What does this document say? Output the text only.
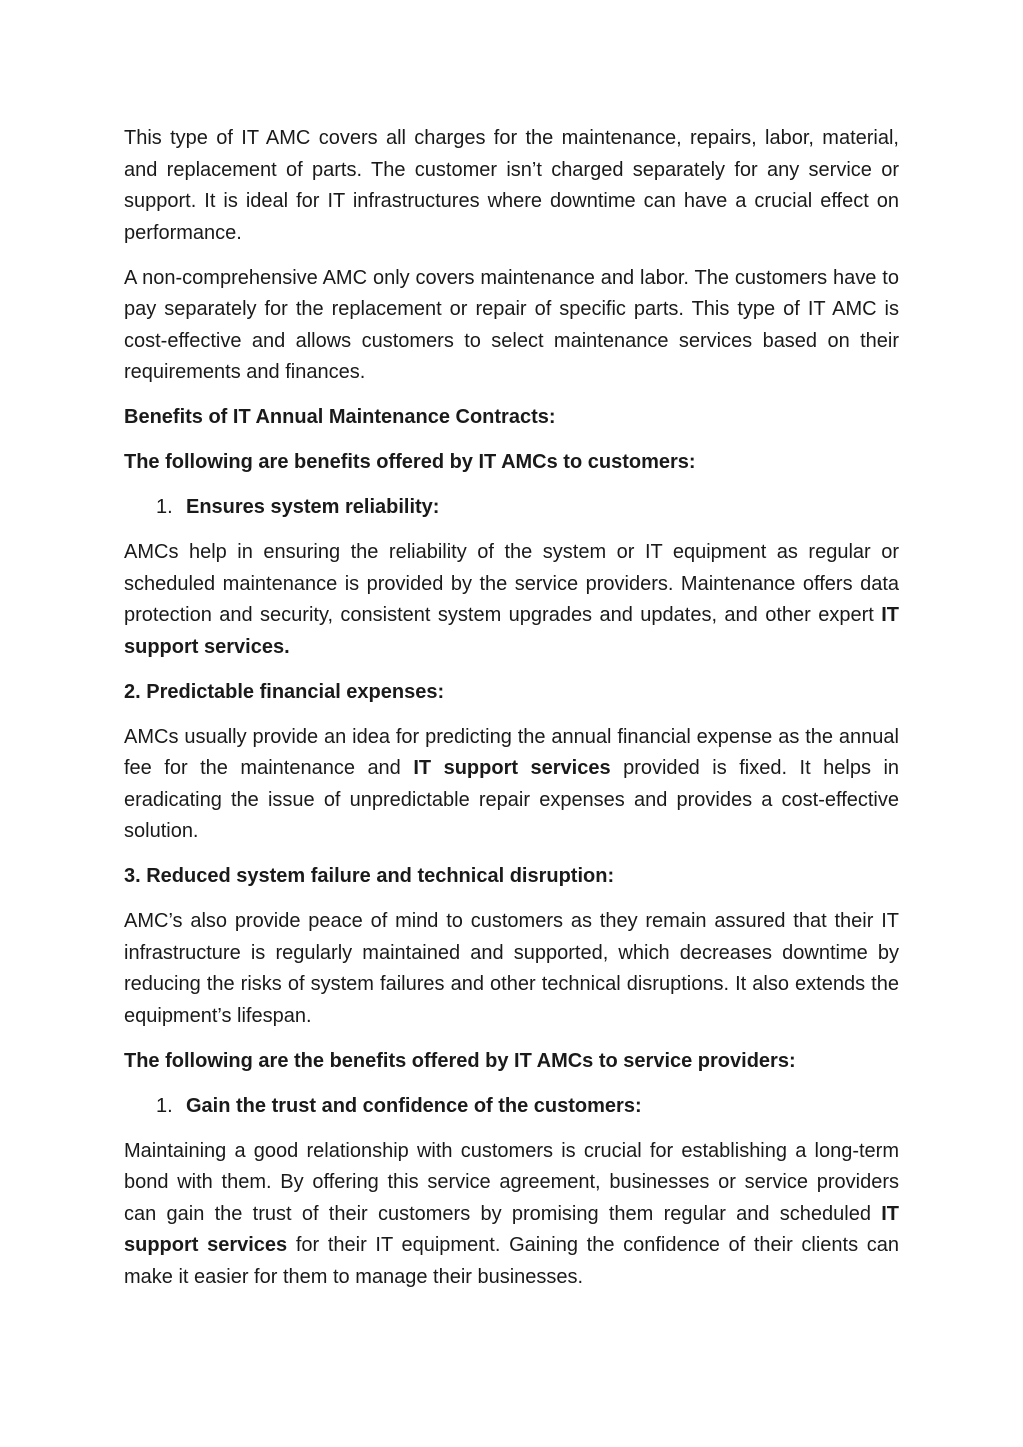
This type of IT AMC covers all charges for the maintenance, repairs, labor, material, and replacement of parts. The customer isn’t charged separately for any service or support. It is ideal for IT infrastructures where downtime can have a crucial effect on performance.

A non-comprehensive AMC only covers maintenance and labor. The customers have to pay separately for the replacement or repair of specific parts. This type of IT AMC is cost-effective and allows customers to select maintenance services based on their requirements and finances.

Benefits of IT Annual Maintenance Contracts:

The following are benefits offered by IT AMCs to customers:

1. Ensures system reliability:

AMCs help in ensuring the reliability of the system or IT equipment as regular or scheduled maintenance is provided by the service providers. Maintenance offers data protection and security, consistent system upgrades and updates, and other expert IT support services.

2. Predictable financial expenses:

AMCs usually provide an idea for predicting the annual financial expense as the annual fee for the maintenance and IT support services provided is fixed. It helps in eradicating the issue of unpredictable repair expenses and provides a cost-effective solution.

3. Reduced system failure and technical disruption:

AMC’s also provide peace of mind to customers as they remain assured that their IT infrastructure is regularly maintained and supported, which decreases downtime by reducing the risks of system failures and other technical disruptions. It also extends the equipment’s lifespan.

The following are the benefits offered by IT AMCs to service providers:

1. Gain the trust and confidence of the customers:

Maintaining a good relationship with customers is crucial for establishing a long-term bond with them. By offering this service agreement, businesses or service providers can gain the trust of their customers by promising them regular and scheduled IT support services for their IT equipment. Gaining the confidence of their clients can make it easier for them to manage their businesses.
